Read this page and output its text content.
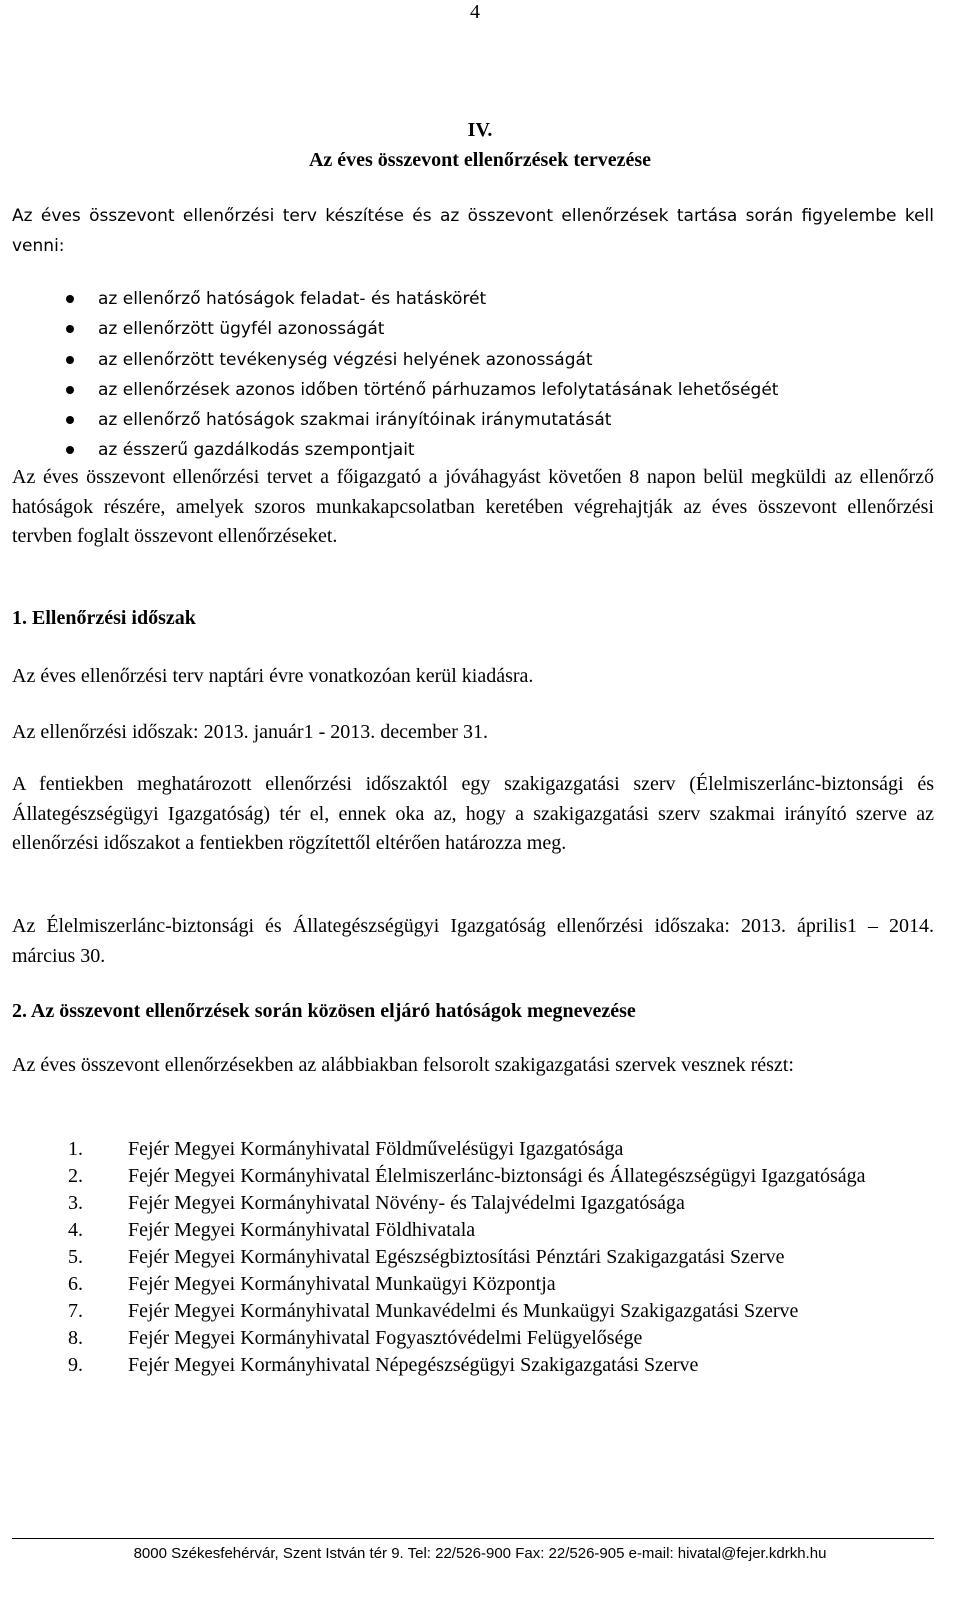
4
IV.
Az éves összevont ellenőrzések tervezése
Az éves összevont ellenőrzési terv készítése és az összevont ellenőrzések tartása során figyelembe kell venni:
az ellenőrző hatóságok feladat- és hatáskörét
az ellenőrzött ügyfél azonosságát
az ellenőrzött tevékenység végzési helyének azonosságát
az ellenőrzések azonos időben történő párhuzamos lefolytatásának lehetőségét
az ellenőrző hatóságok szakmai irányítóinak iránymutatását
az ésszerű gazdálkodás szempontjait
Az éves összevont ellenőrzési tervet a főigazgató a jóváhagyást követően 8 napon belül megküldi az ellenőrző hatóságok részére, amelyek szoros munkakapcsolatban keretében végrehajtják az éves összevont ellenőrzési tervben foglalt összevont ellenőrzéseket.
1. Ellenőrzési időszak
Az éves ellenőrzési terv naptári évre vonatkozóan kerül kiadásra.
Az ellenőrzési időszak: 2013. január1 - 2013. december 31.
A fentiekben meghatározott ellenőrzési időszaktól egy szakigazgatási szerv (Élelmiszerlánc-biztonsági és Állategészségügyi Igazgatóság) tér el, ennek oka az, hogy a szakigazgatási szerv szakmai irányító szerve az ellenőrzési időszakot a fentiekben rögzítettől eltérően határozza meg.
Az Élelmiszerlánc-biztonsági és Állategészségügyi Igazgatóság ellenőrzési időszaka: 2013. április1 – 2014. március 30.
2. Az összevont ellenőrzések során közösen eljáró hatóságok megnevezése
Az éves összevont ellenőrzésekben az alábbiakban felsorolt szakigazgatási szervek vesznek részt:
1. Fejér Megyei Kormányhivatal Földművelésügyi Igazgatósága
2. Fejér Megyei Kormányhivatal Élelmiszerlánc-biztonsági és Állategészségügyi Igazgatósága
3. Fejér Megyei Kormányhivatal Növény- és Talajvédelmi Igazgatósága
4. Fejér Megyei Kormányhivatal Földhivatala
5. Fejér Megyei Kormányhivatal Egészségbiztosítási Pénztári Szakigazgatási Szerve
6. Fejér Megyei Kormányhivatal Munkaügyi Központja
7. Fejér Megyei Kormányhivatal Munkavédelmi és Munkaügyi Szakigazgatási Szerve
8. Fejér Megyei Kormányhivatal Fogyasztóvédelmi Felügyelősége
9. Fejér Megyei Kormányhivatal Népegészségügyi Szakigazgatási Szerve
8000 Székesfehérvár, Szent István tér 9. Tel: 22/526-900 Fax: 22/526-905 e-mail: hivatal@fejer.kdrkh.hu
